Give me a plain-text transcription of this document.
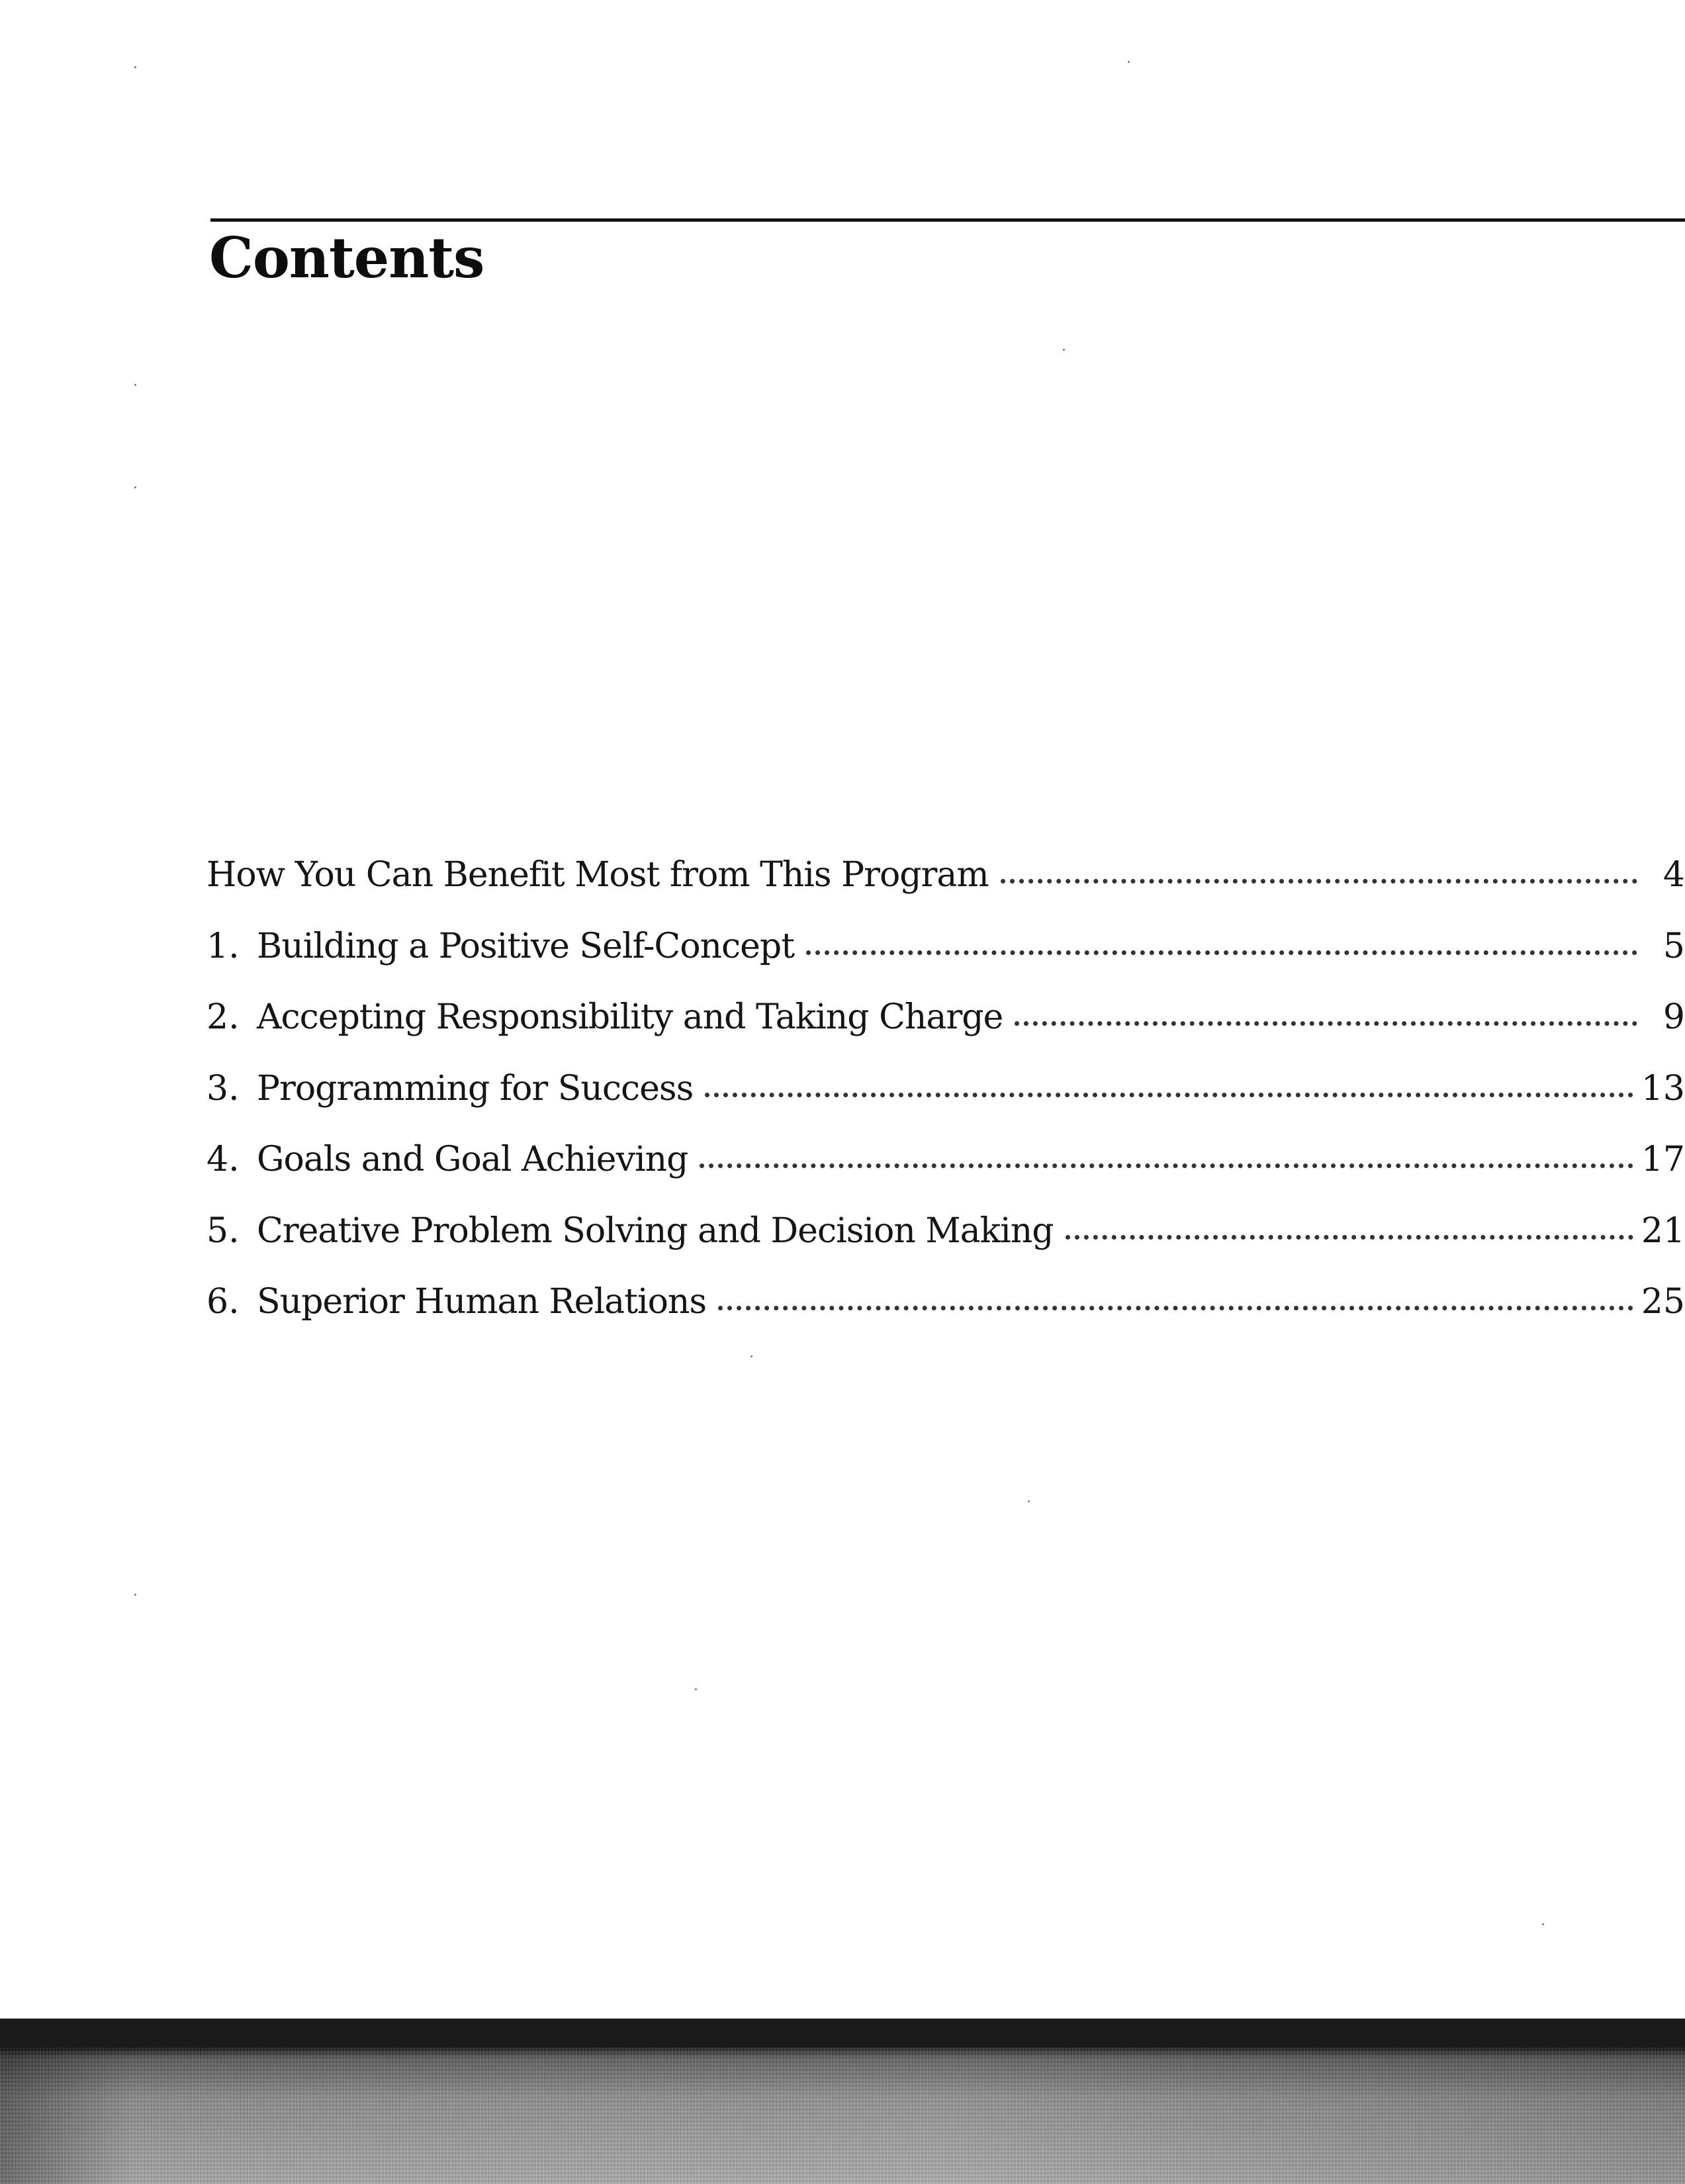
Contents
How You Can Benefit Most from This Program	4
1. Building a Positive Self-Concept	5
2. Accepting Responsibility and Taking Charge	9
3. Programming for Success	13
4. Goals and Goal Achieving	17
5. Creative Problem Solving and Decision Making	21
6. Superior Human Relations	25
